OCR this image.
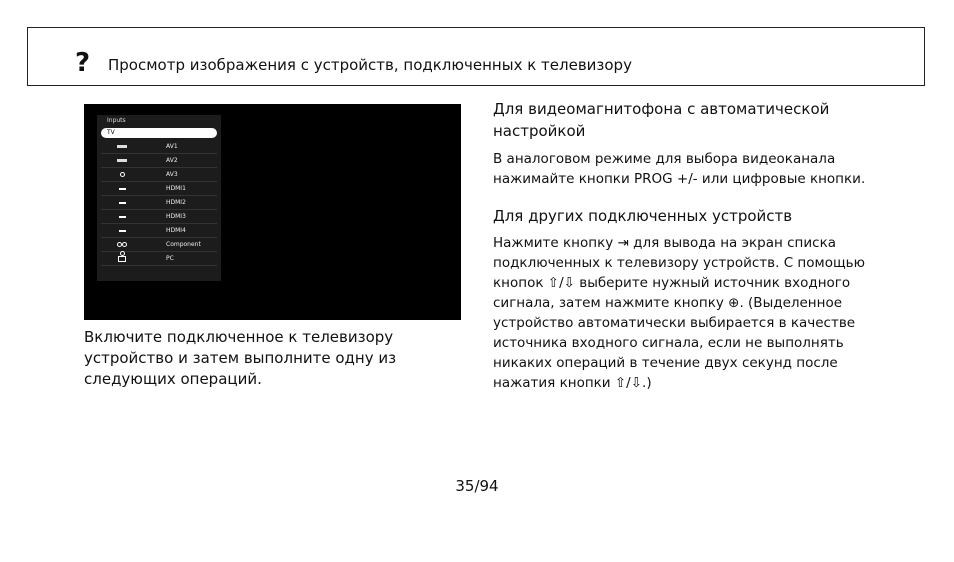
? Просмотр изображения с устройств, подключенных к телевизору
Inputs
TV
AV1
AV2
AV3
HDMI1
HDMI2
HDMI3
HDMI4

Component
PC
Включите подключенное к телевизору устройство и затем выполните одну из следующих операций.

Для видеомагнитофона с автоматической настройкой

В аналоговом режиме для выбора видеоканала нажимайте кнопки PROG +/- или цифровые кнопки.

Для других подключенных устройств

Нажмите кнопку ⇥ для вывода на экран списка подключенных к телевизору устройств. С помощью кнопок ⇧/⇩ выберите нужный источник входного сигнала, затем нажмите кнопку ⊕. (Выделенное устройство автоматически выбирается в качестве источника входного сигнала, если не выполнять никаких операций в течение двух секунд после нажатия кнопки ⇧/⇩.)

35/94
